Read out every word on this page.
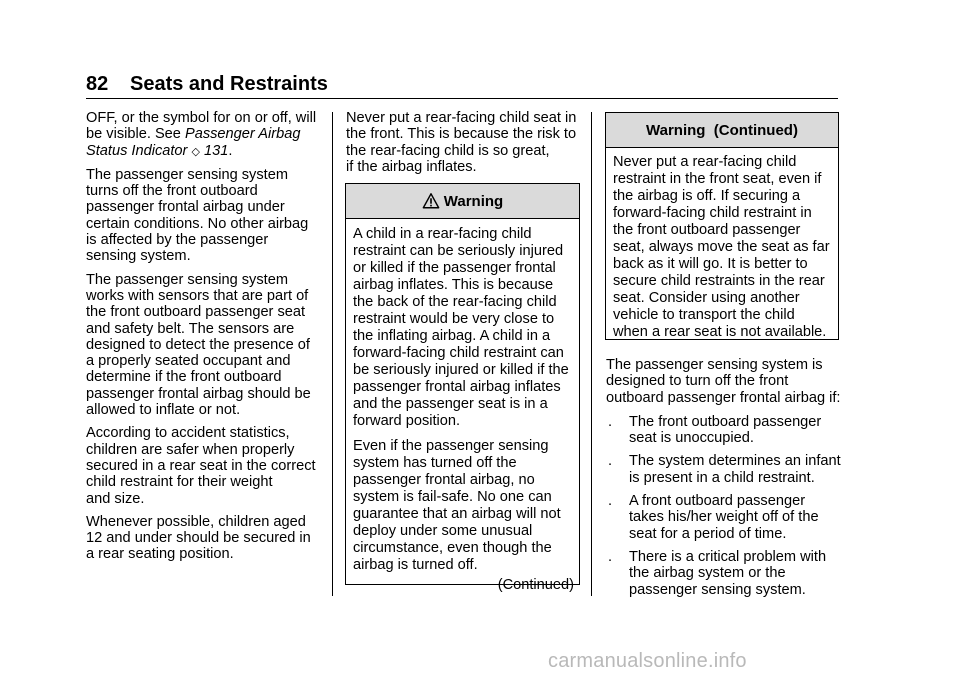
82 Seats and Restraints

OFF, or the symbol for on or off, will
be visible. See Passenger Airbag
Status Indicator ◇ 131.

The passenger sensing system
turns off the front outboard
passenger frontal airbag under
certain conditions. No other airbag
is affected by the passenger
sensing system.

The passenger sensing system
works with sensors that are part of
the front outboard passenger seat
and safety belt. The sensors are
designed to detect the presence of
a properly seated occupant and
determine if the front outboard
passenger frontal airbag should be
allowed to inflate or not.

According to accident statistics,
children are safer when properly
secured in a rear seat in the correct
child restraint for their weight
and size.

Whenever possible, children aged
12 and under should be secured in
a rear seating position.

Never put a rear-facing child seat in
the front. This is because the risk to
the rear-facing child is so great,
if the airbag inflates.

Warning

A child in a rear-facing child
restraint can be seriously injured
or killed if the passenger frontal
airbag inflates. This is because
the back of the rear-facing child
restraint would be very close to
the inflating airbag. A child in a
forward-facing child restraint can
be seriously injured or killed if the
passenger frontal airbag inflates
and the passenger seat is in a
forward position.

Even if the passenger sensing
system has turned off the
passenger frontal airbag, no
system is fail-safe. No one can
guarantee that an airbag will not
deploy under some unusual
circumstance, even though the
airbag is turned off.

(Continued)
Warning  (Continued)

Never put a rear-facing child
restraint in the front seat, even if
the airbag is off. If securing a
forward-facing child restraint in
the front outboard passenger
seat, always move the seat as far
back as it will go. It is better to
secure child restraints in the rear
seat. Consider using another
vehicle to transport the child
when a rear seat is not available.

The passenger sensing system is
designed to turn off the front
outboard passenger frontal airbag if:

.	The front outboard passenger
seat is unoccupied.
.	The system determines an infant
is present in a child restraint.
.	A front outboard passenger
takes his/her weight off of the
seat for a period of time.
.	There is a critical problem with
the airbag system or the
passenger sensing system.
carmanualsonline.info
